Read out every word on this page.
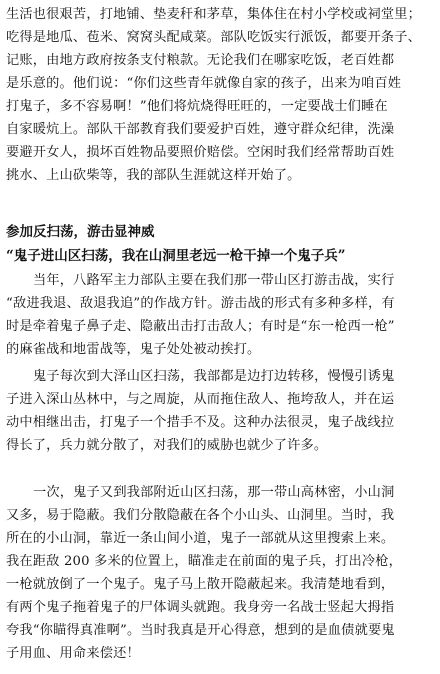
生活也很艰苦，打地铺、垫麦秆和茅草，集体住在村小学校或祠堂里；
吃得是地瓜、苞米、窝窝头配咸菜。部队吃饭实行派饭，都要开条子、
记账，由地方政府按条支付粮款。无论我们在哪家吃饭，老百姓都
是乐意的。他们说：“你们这些青年就像自家的孩子，出来为咱百姓
打鬼子，多不容易啊！”他们将炕烧得旺旺的，一定要战士们睡在
自家暖炕上。部队干部教育我们要爱护百姓，遵守群众纪律，洗澡
要避开女人，损坏百姓物品要照价赔偿。空闲时我们经常帮助百姓
挑水、上山砍柴等，我的部队生涯就这样开始了。
参加反扫荡，游击显神威
“鬼子进山区扫荡，我在山洞里老远一枪干掉一个鬼子兵”
当年，八路军主力部队主要在我们那一带山区打游击战，实行
“敌进我退、敌退我追”的作战方针。游击战的形式有多种多样，有
时是牵着鬼子鼻子走、隐蔽出击打击敌人；有时是“东一枪西一枪”
的麻雀战和地雷战等，鬼子处处被动挨打。
鬼子每次到大泽山区扫荡，我部都是边打边转移，慢慢引诱鬼
子进入深山丛林中，与之周旋，从而拖住敌人、拖垮敌人，并在运
动中相继出击，打鬼子一个措手不及。这种办法很灵，鬼子战线拉
得长了，兵力就分散了，对我们的威胁也就少了许多。
一次，鬼子又到我部附近山区扫荡，那一带山高林密，小山洞
又多，易于隐蔽。我们分散隐蔽在各个小山头、山洞里。当时，我
所在的小山洞，靠近一条山间小道，鬼子一部就从这里搜索上来。
我在距敌 200 多米的位置上，瞄准走在前面的鬼子兵，打出冷枪，
一枪就放倒了一个鬼子。鬼子马上散开隐蔽起来。我清楚地看到，
有两个鬼子拖着鬼子的尸体调头就跑。我身旁一名战士竖起大拇指
夸我“你瞄得真准啊”。当时我真是开心得意，想到的是血债就要鬼
子用血、用命来偿还！
